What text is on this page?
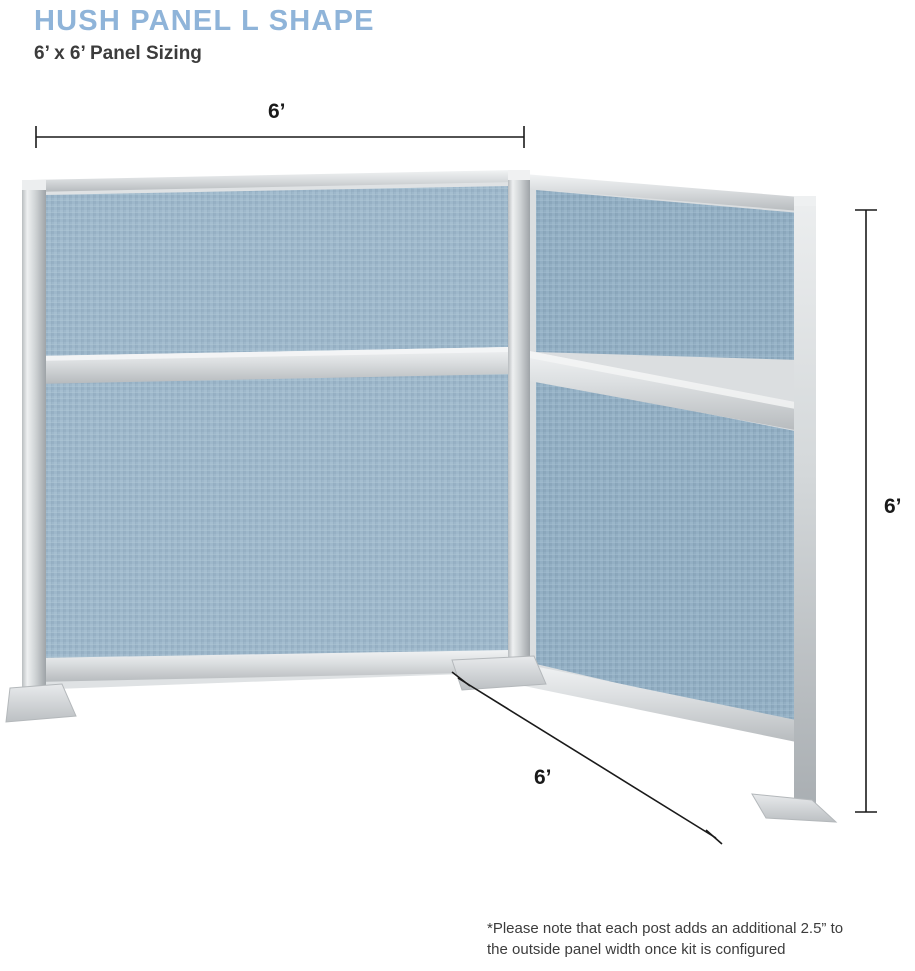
HUSH PANEL L SHAPE
6’ x 6’ Panel Sizing
6’
6’
6’
*Please note that each post adds an additional 2.5” to
the outside panel width once kit is configured
